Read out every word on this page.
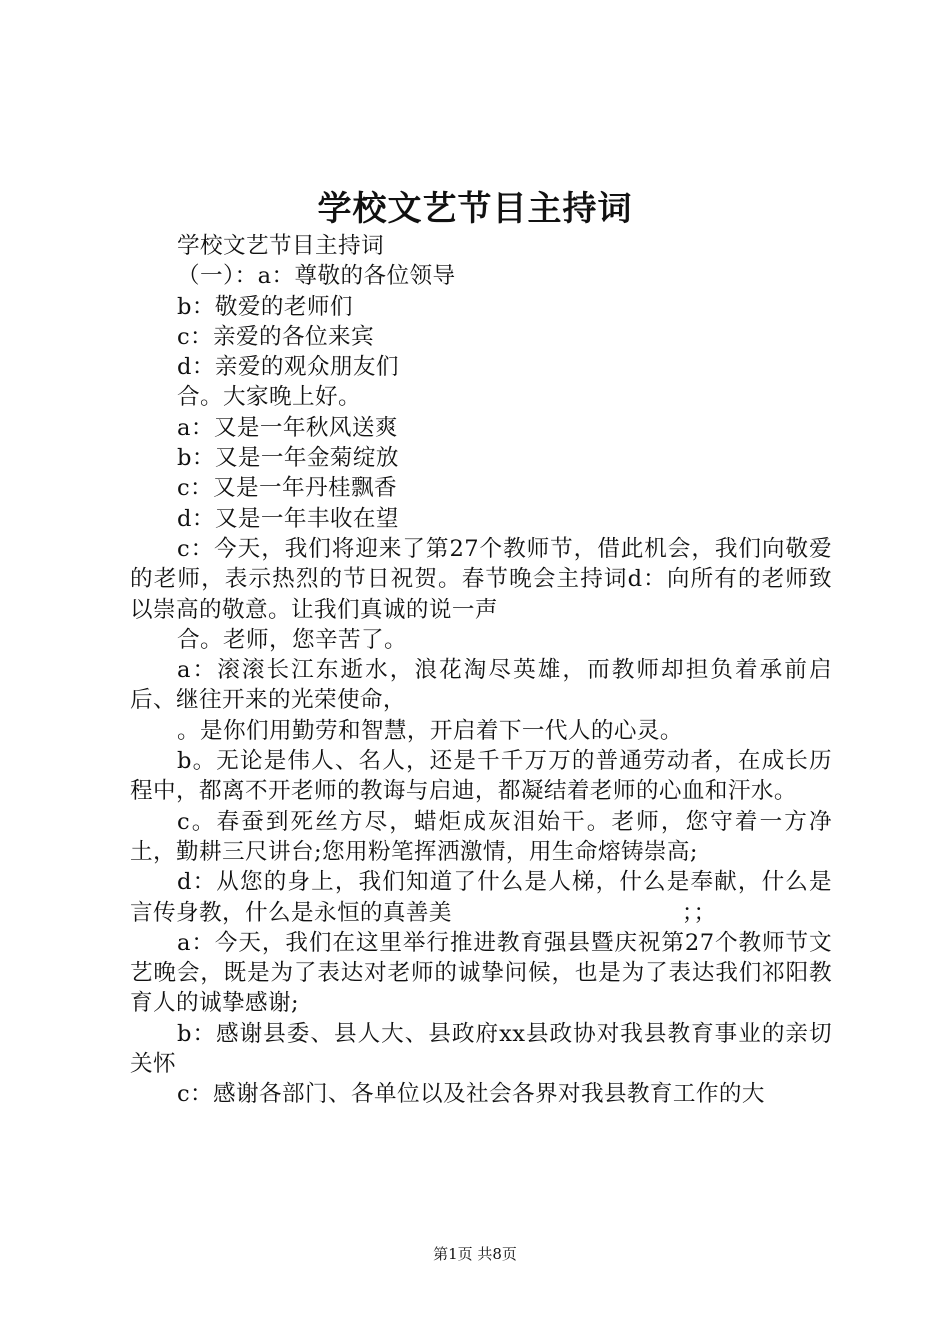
学校文艺节目主持词

学校文艺节目主持词

（一）：a：尊敬的各位领导

b：敬爱的老师们

c：亲爱的各位来宾

d：亲爱的观众朋友们

合。大家晚上好。

a：又是一年秋风送爽

b：又是一年金菊绽放

c：又是一年丹桂飘香

d：又是一年丰收在望

c：今天，我们将迎来了第27个教师节，借此机会，我们向敬爱的老师，表示热烈的节日祝贺。春节晚会主持词d：向所有的老师致以崇高的敬意。让我们真诚的说一声

合。老师，您辛苦了。

a：滚滚长江东逝水，浪花淘尽英雄，而教师却担负着承前启后、继往开来的光荣使命，

。是你们用勤劳和智慧，开启着下一代人的心灵。

b。无论是伟人、名人，还是千千万万的普通劳动者，在成长历程中，都离不开老师的教诲与启迪，都凝结着老师的心血和汗水。

c。春蚕到死丝方尽，蜡炬成灰泪始干。老师，您守着一方净土，勤耕三尺讲台;您用粉笔挥洒激情，用生命熔铸崇高;

d：从您的身上，我们知道了什么是人梯，什么是奉献，什么是言传身教，什么是永恒的真善美　　　　　　　　　　；；

a：今天，我们在这里举行推进教育强县暨庆祝第27个教师节文艺晚会，既是为了表达对老师的诚挚问候，也是为了表达我们祁阳教育人的诚挚感谢;

b：感谢县委、县人大、县政府xx县政协对我县教育事业的亲切关怀

c：感谢各部门、各单位以及社会各界对我县教育工作的大

第1页 共8页
